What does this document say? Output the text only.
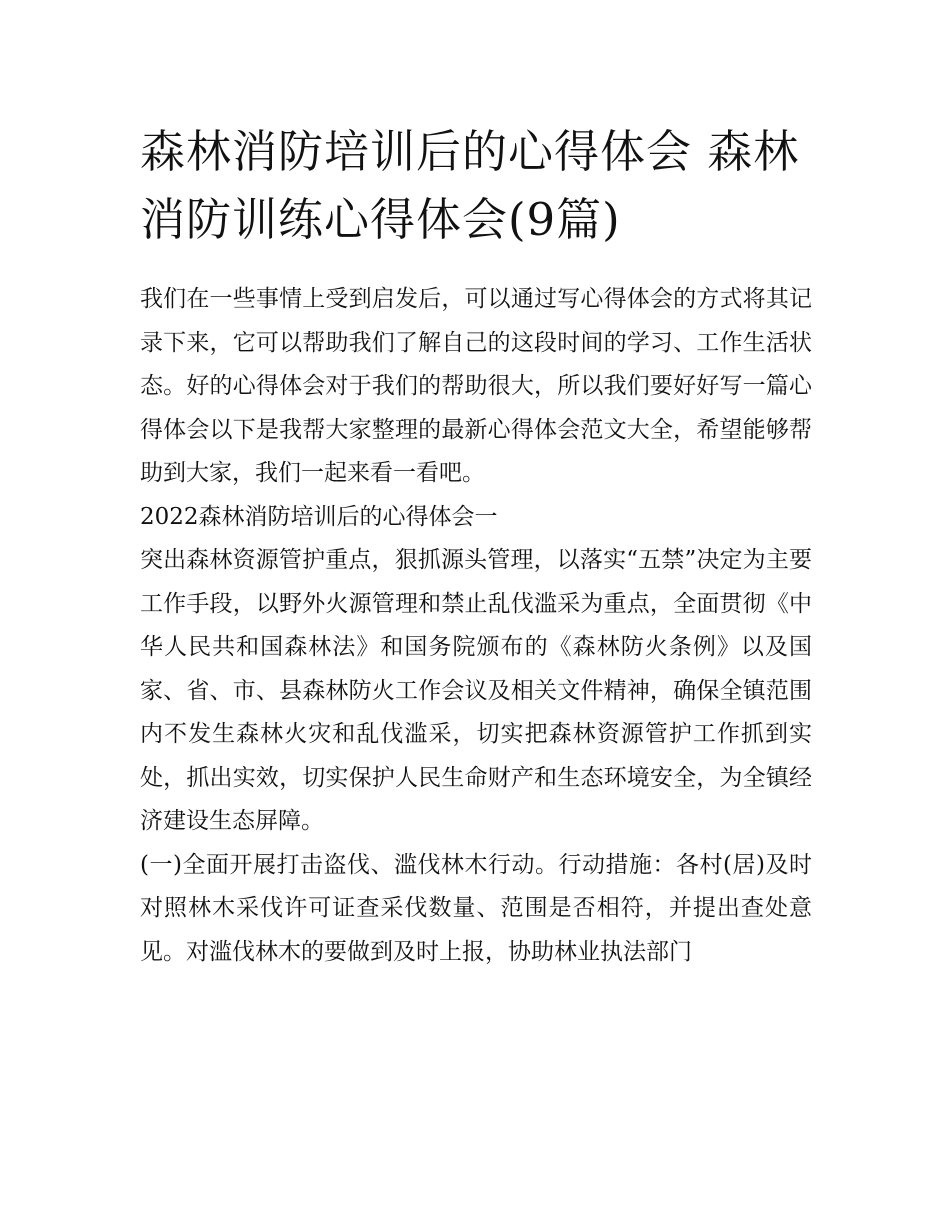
森林消防培训后的心得体会 森林消防训练心得体会(9篇)

我们在一些事情上受到启发后，可以通过写心得体会的方式将其记录下来，它可以帮助我们了解自己的这段时间的学习、工作生活状态。好的心得体会对于我们的帮助很大，所以我们要好好写一篇心得体会以下是我帮大家整理的最新心得体会范文大全，希望能够帮助到大家，我们一起来看一看吧。

2022森林消防培训后的心得体会一

突出森林资源管护重点，狠抓源头管理，以落实“五禁”决定为主要工作手段，以野外火源管理和禁止乱伐滥采为重点，全面贯彻《中华人民共和国森林法》和国务院颁布的《森林防火条例》以及国家、省、市、县森林防火工作会议及相关文件精神，确保全镇范围内不发生森林火灾和乱伐滥采，切实把森林资源管护工作抓到实处，抓出实效，切实保护人民生命财产和生态环境安全，为全镇经济建设生态屏障。

(一)全面开展打击盗伐、滥伐林木行动。行动措施：各村(居)及时对照林木采伐许可证查采伐数量、范围是否相符，并提出查处意见。对滥伐林木的要做到及时上报，协助林业执法部门
